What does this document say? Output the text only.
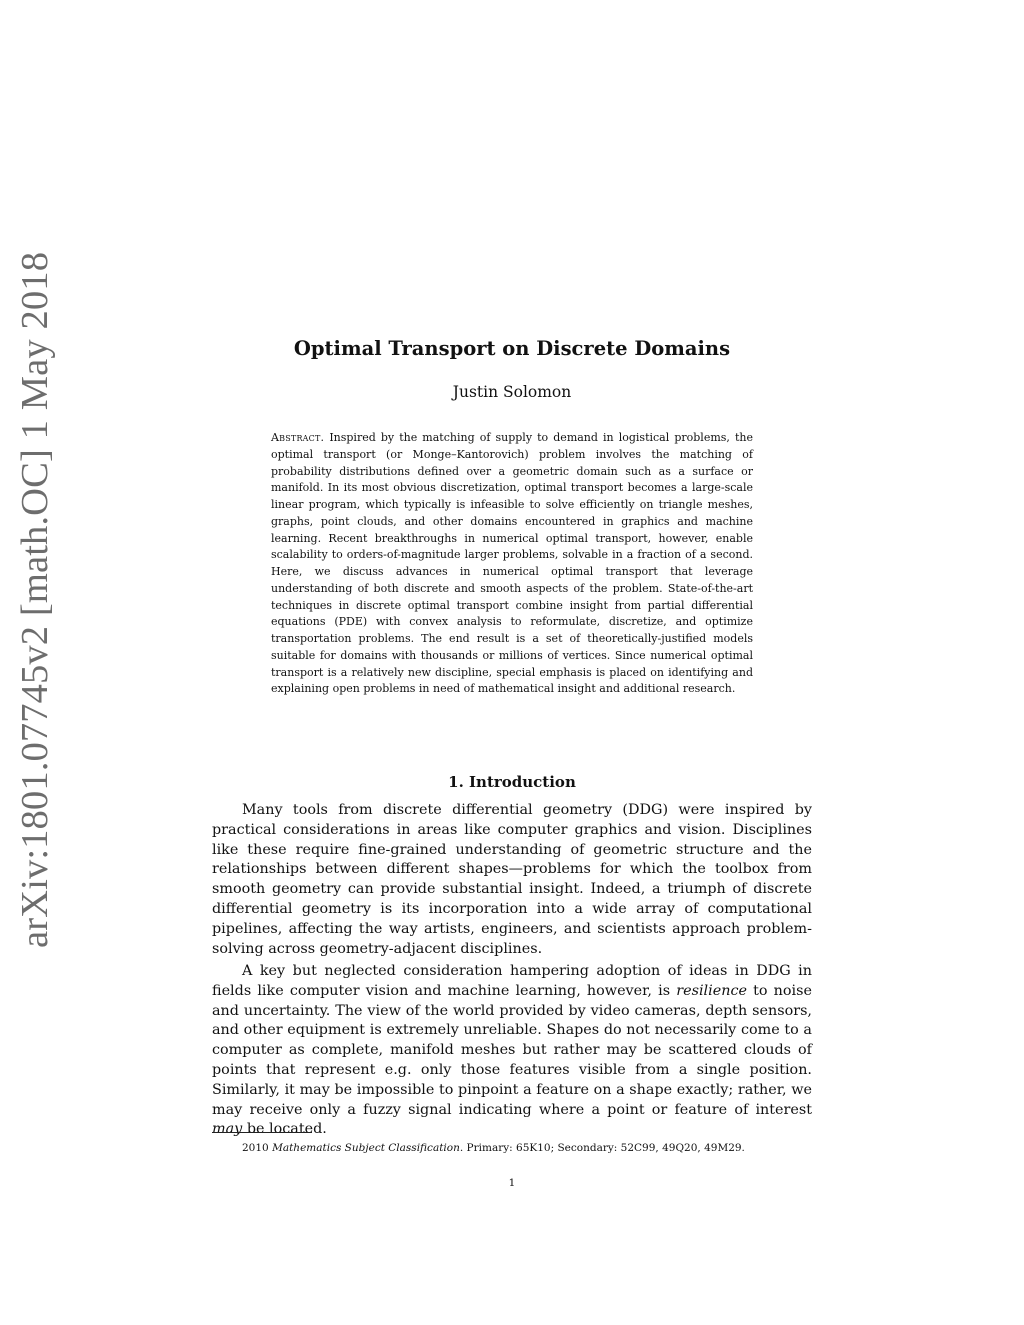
arXiv:1801.07745v2 [math.OC] 1 May 2018	Optimal Transport on Discrete Domains
Justin Solomon

Abstract. Inspired by the matching of supply to demand in logistical problems, the optimal transport (or Monge–Kantorovich) problem involves the matching of probability distributions defined over a geometric domain such as a surface or manifold. In its most obvious discretization, optimal transport becomes a large-scale linear program, which typically is infeasible to solve efficiently on triangle meshes, graphs, point clouds, and other domains encountered in graphics and machine learning. Recent breakthroughs in numerical optimal transport, however, enable scalability to orders-of-magnitude larger problems, solvable in a fraction of a second. Here, we discuss advances in numerical optimal transport that leverage understanding of both discrete and smooth aspects of the problem. State-of-the-art techniques in discrete optimal transport combine insight from partial differential equations (PDE) with convex analysis to reformulate, discretize, and optimize transportation problems. The end result is a set of theoretically-justified models suitable for domains with thousands or millions of vertices. Since numerical optimal transport is a relatively new discipline, special emphasis is placed on identifying and explaining open problems in need of mathematical insight and additional research.

1. Introduction

Many tools from discrete differential geometry (DDG) were inspired by practical considerations in areas like computer graphics and vision. Disciplines like these require fine-grained understanding of geometric structure and the relationships between different shapes—problems for which the toolbox from smooth geometry can provide substantial insight. Indeed, a triumph of discrete differential geometry is its incorporation into a wide array of computational pipelines, affecting the way artists, engineers, and scientists approach problem-solving across geometry-adjacent disciplines.

A key but neglected consideration hampering adoption of ideas in DDG in fields like computer vision and machine learning, however, is resilience to noise and uncertainty. The view of the world provided by video cameras, depth sensors, and other equipment is extremely unreliable. Shapes do not necessarily come to a computer as complete, manifold meshes but rather may be scattered clouds of points that represent e.g. only those features visible from a single position. Similarly, it may be impossible to pinpoint a feature on a shape exactly; rather, we may receive only a fuzzy signal indicating where a point or feature of interest may be located.

2010 Mathematics Subject Classification. Primary: 65K10; Secondary: 52C99, 49Q20, 49M29.

1
